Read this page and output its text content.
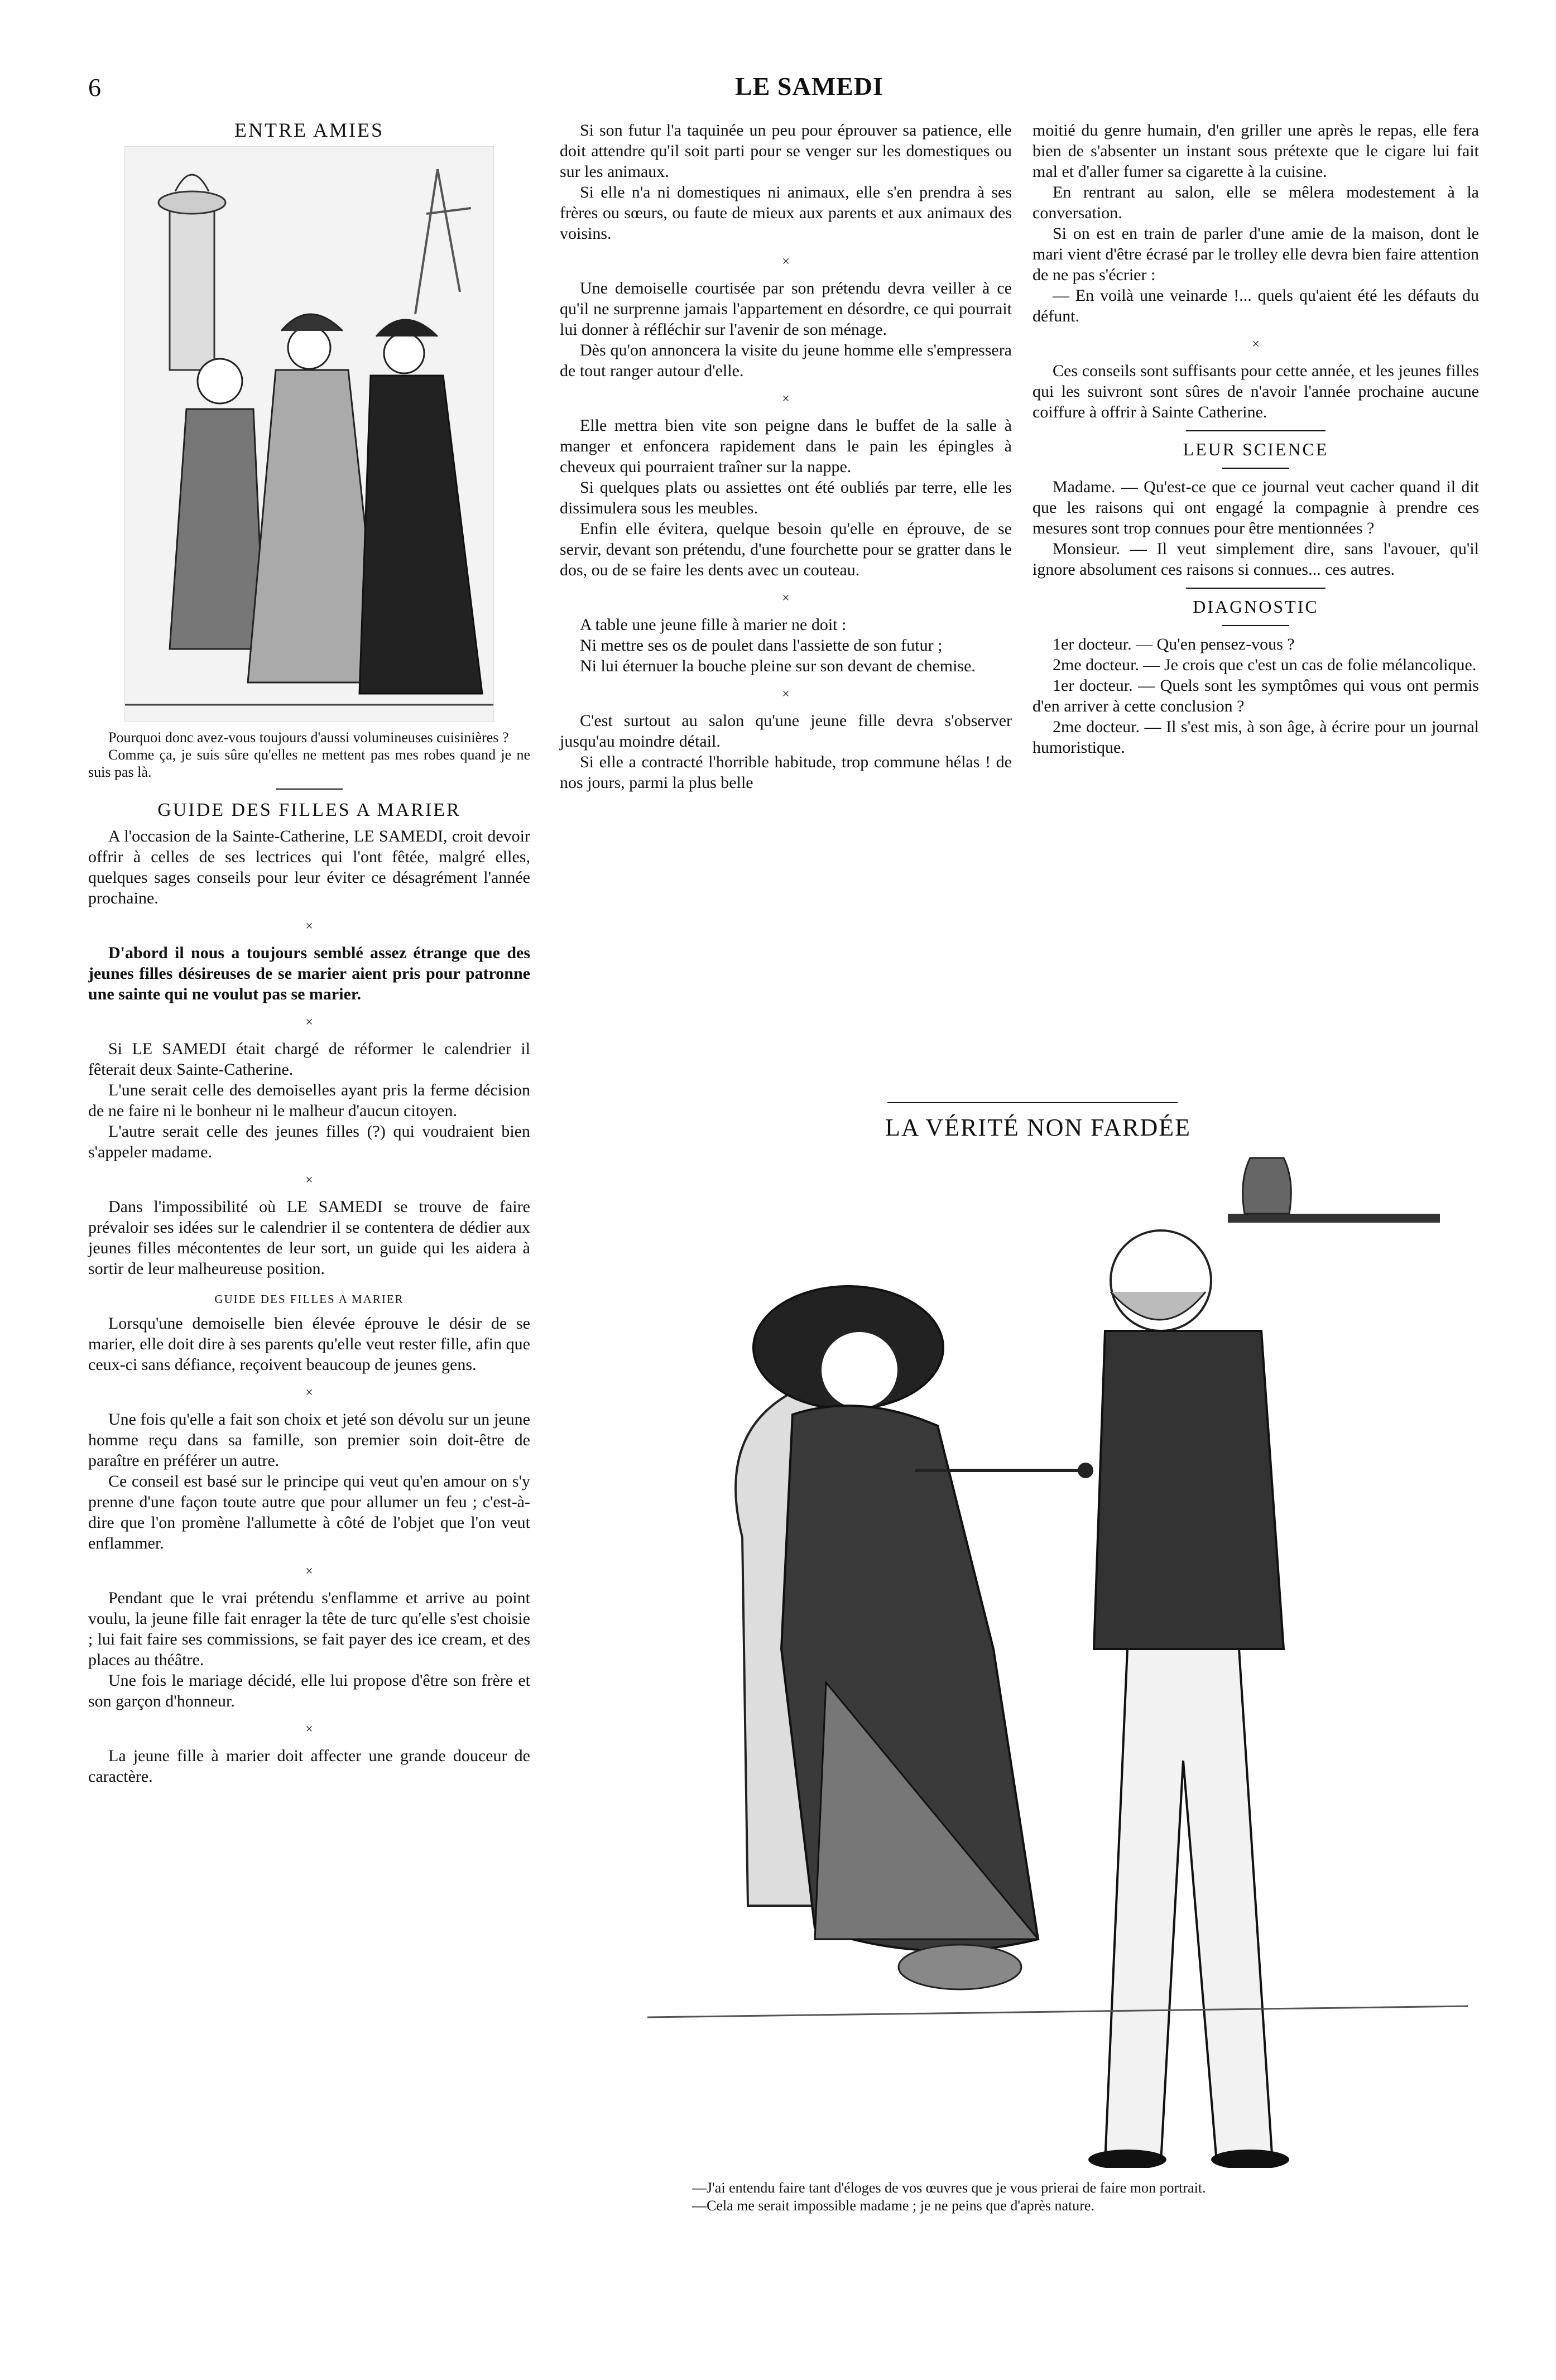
6	LE SAMEDI
ENTRE AMIES

Pourquoi donc avez-vous toujours d'aussi volumineuses cuisinières ?

Comme ça, je suis sûre qu'elles ne mettent pas mes robes quand je ne suis pas là.

GUIDE DES FILLES A MARIER

A l'occasion de la Sainte-Catherine, LE SAMEDI, croit devoir offrir à celles de ses lectrices qui l'ont fêtée, malgré elles, quelques sages conseils pour leur éviter ce désagrément l'année prochaine.

×

D'abord il nous a toujours semblé assez étrange que des jeunes filles désireuses de se marier aient pris pour patronne une sainte qui ne voulut pas se marier.

×

Si LE SAMEDI était chargé de réformer le calendrier il fêterait deux Sainte-Catherine.

L'une serait celle des demoiselles ayant pris la ferme décision de ne faire ni le bonheur ni le malheur d'aucun citoyen.

L'autre serait celle des jeunes filles (?) qui voudraient bien s'appeler madame.

×

Dans l'impossibilité où LE SAMEDI se trouve de faire prévaloir ses idées sur le calendrier il se contentera de dédier aux jeunes filles mécontentes de leur sort, un guide qui les aidera à sortir de leur malheureuse position.

GUIDE DES FILLES A MARIER

Lorsqu'une demoiselle bien élevée éprouve le désir de se marier, elle doit dire à ses parents qu'elle veut rester fille, afin que ceux-ci sans défiance, reçoivent beaucoup de jeunes gens.

×

Une fois qu'elle a fait son choix et jeté son dévolu sur un jeune homme reçu dans sa famille, son premier soin doit-être de paraître en préférer un autre.

Ce conseil est basé sur le principe qui veut qu'en amour on s'y prenne d'une façon toute autre que pour allumer un feu ; c'est-à-dire que l'on promène l'allumette à côté de l'objet que l'on veut enflammer.

×

Pendant que le vrai prétendu s'enflamme et arrive au point voulu, la jeune fille fait enrager la tête de turc qu'elle s'est choisie ; lui fait faire ses commissions, se fait payer des ice cream, et des places au théâtre.

Une fois le mariage décidé, elle lui propose d'être son frère et son garçon d'honneur.

×

La jeune fille à marier doit affecter une grande douceur de caractère.

Si son futur l'a taquinée un peu pour éprouver sa patience, elle doit attendre qu'il soit parti pour se venger sur les domestiques ou sur les animaux.

Si elle n'a ni domestiques ni animaux, elle s'en prendra à ses frères ou sœurs, ou faute de mieux aux parents et aux animaux des voisins.

×

Une demoiselle courtisée par son prétendu devra veiller à ce qu'il ne surprenne jamais l'appartement en désordre, ce qui pourrait lui donner à réfléchir sur l'avenir de son ménage.

Dès qu'on annoncera la visite du jeune homme elle s'empressera de tout ranger autour d'elle.

×

Elle mettra bien vite son peigne dans le buffet de la salle à manger et enfoncera rapidement dans le pain les épingles à cheveux qui pourraient traîner sur la nappe.

Si quelques plats ou assiettes ont été oubliés par terre, elle les dissimulera sous les meubles.

Enfin elle évitera, quelque besoin qu'elle en éprouve, de se servir, devant son prétendu, d'une fourchette pour se gratter dans le dos, ou de se faire les dents avec un couteau.

×

A table une jeune fille à marier ne doit :

Ni mettre ses os de poulet dans l'assiette de son futur ;

Ni lui éternuer la bouche pleine sur son devant de chemise.

×

C'est surtout au salon qu'une jeune fille devra s'observer jusqu'au moindre détail.

Si elle a contracté l'horrible habitude, trop commune hélas ! de nos jours, parmi la plus belle

moitié du genre humain, d'en griller une après le repas, elle fera bien de s'absenter un instant sous prétexte que le cigare lui fait mal et d'aller fumer sa cigarette à la cuisine.

En rentrant au salon, elle se mêlera modestement à la conversation.

Si on est en train de parler d'une amie de la maison, dont le mari vient d'être écrasé par le trolley elle devra bien faire attention de ne pas s'écrier :

— En voilà une veinarde !... quels qu'aient été les défauts du défunt.

×

Ces conseils sont suffisants pour cette année, et les jeunes filles qui les suivront sont sûres de n'avoir l'année prochaine aucune coiffure à offrir à Sainte Catherine.

LEUR SCIENCE

Madame. — Qu'est-ce que ce journal veut cacher quand il dit que les raisons qui ont engagé la compagnie à prendre ces mesures sont trop connues pour être mentionnées ?

Monsieur. — Il veut simplement dire, sans l'avouer, qu'il ignore absolument ces raisons si connues... ces autres.

DIAGNOSTIC

1er docteur. — Qu'en pensez-vous ?

2me docteur. — Je crois que c'est un cas de folie mélancolique.

1er docteur. — Quels sont les symptômes qui vous ont permis d'en arriver à cette conclusion ?

2me docteur. — Il s'est mis, à son âge, à écrire pour un journal humoristique.

LA VÉRITÉ NON FARDÉE
—J'ai entendu faire tant d'éloges de vos œuvres que je vous prierai de faire mon portrait.
—Cela me serait impossible madame ; je ne peins que d'après nature.
